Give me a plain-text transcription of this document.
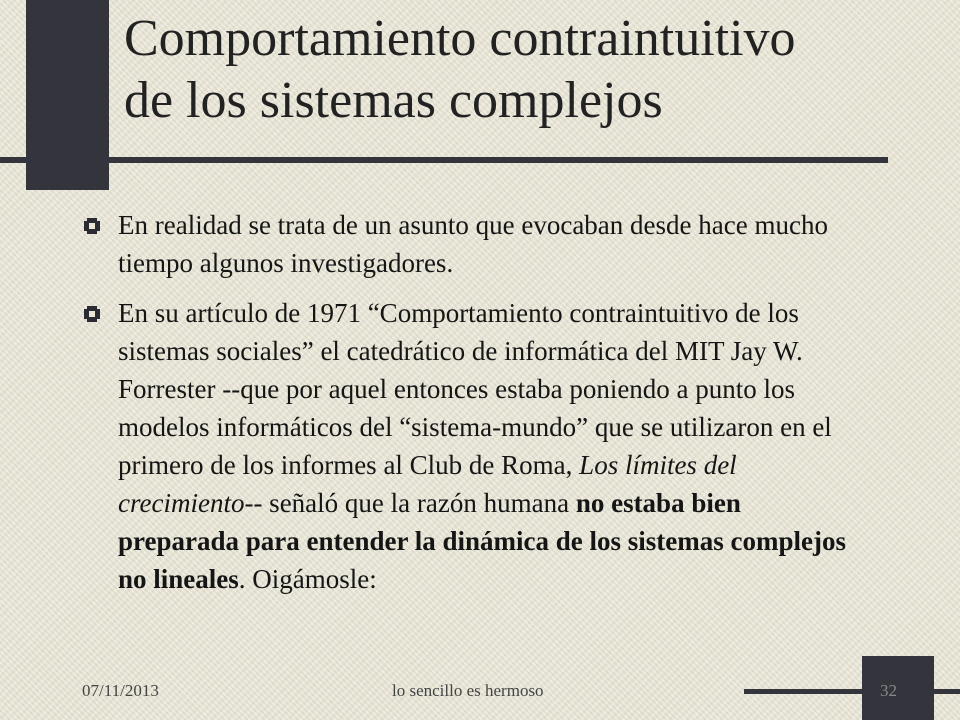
Comportamiento contraintuitivo
de los sistemas complejos
En realidad se trata de un asunto que evocaban desde hace mucho tiempo algunos investigadores.
En su artículo de 1971 “Comportamiento contraintuitivo de los sistemas sociales” el catedrático de informática del MIT Jay W. Forrester --que por aquel entonces estaba poniendo a punto los modelos informáticos del “sistema-mundo” que se utilizaron en el primero de los informes al Club de Roma, Los límites del crecimiento-- señaló que la razón humana no estaba bien preparada para entender la dinámica de los sistemas complejos no lineales. Oigámosle:
07/11/2013	lo sencillo es hermoso	32
